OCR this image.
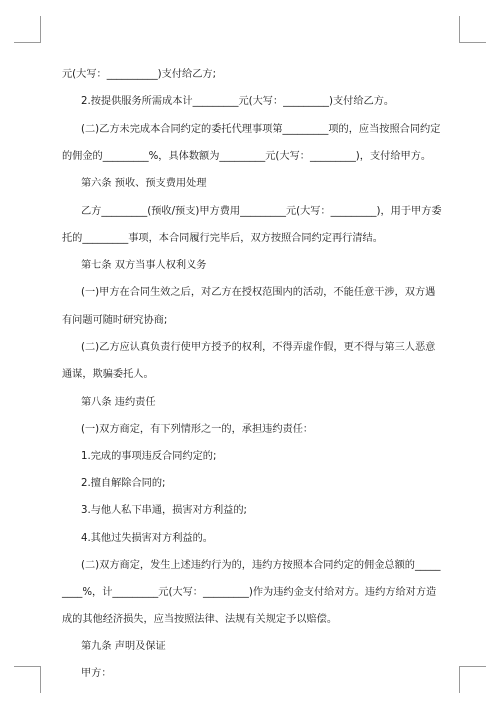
元(大写：__________)支付给乙方;
2.按提供服务所需成本计_________元(大写：_________)支付给乙方。
(二)乙方未完成本合同约定的委托代理事项第_________项的，应当按照合同约定
的佣金的_________%，具体数额为_________元(大写：_________)，支付给甲方。
第六条 预收、预支费用处理
乙方_________(预收/预支)甲方费用_________元(大写：_________)，用于甲方委
托的_________事项，本合同履行完毕后，双方按照合同约定再行清结。
第七条 双方当事人权利义务
(一)甲方在合同生效之后，对乙方在授权范围内的活动，不能任意干涉，双方遇
有问题可随时研究协商;
(二)乙方应认真负责行使甲方授予的权利，不得弄虚作假，更不得与第三人恶意
通谋，欺骗委托人。
第八条 违约责任
(一)双方商定，有下列情形之一的，承担违约责任：
1.完成的事项违反合同约定的;
2.擅自解除合同的;
3.与他人私下串通，损害对方利益的;
4.其他过失损害对方利益的。
(二)双方商定，发生上述违约行为的，违约方按照本合同约定的佣金总额的_____
____%，计_________元(大写：_________)作为违约金支付给对方。违约方给对方造
成的其他经济损失，应当按照法律、法规有关规定予以赔偿。
第九条 声明及保证
甲方：
